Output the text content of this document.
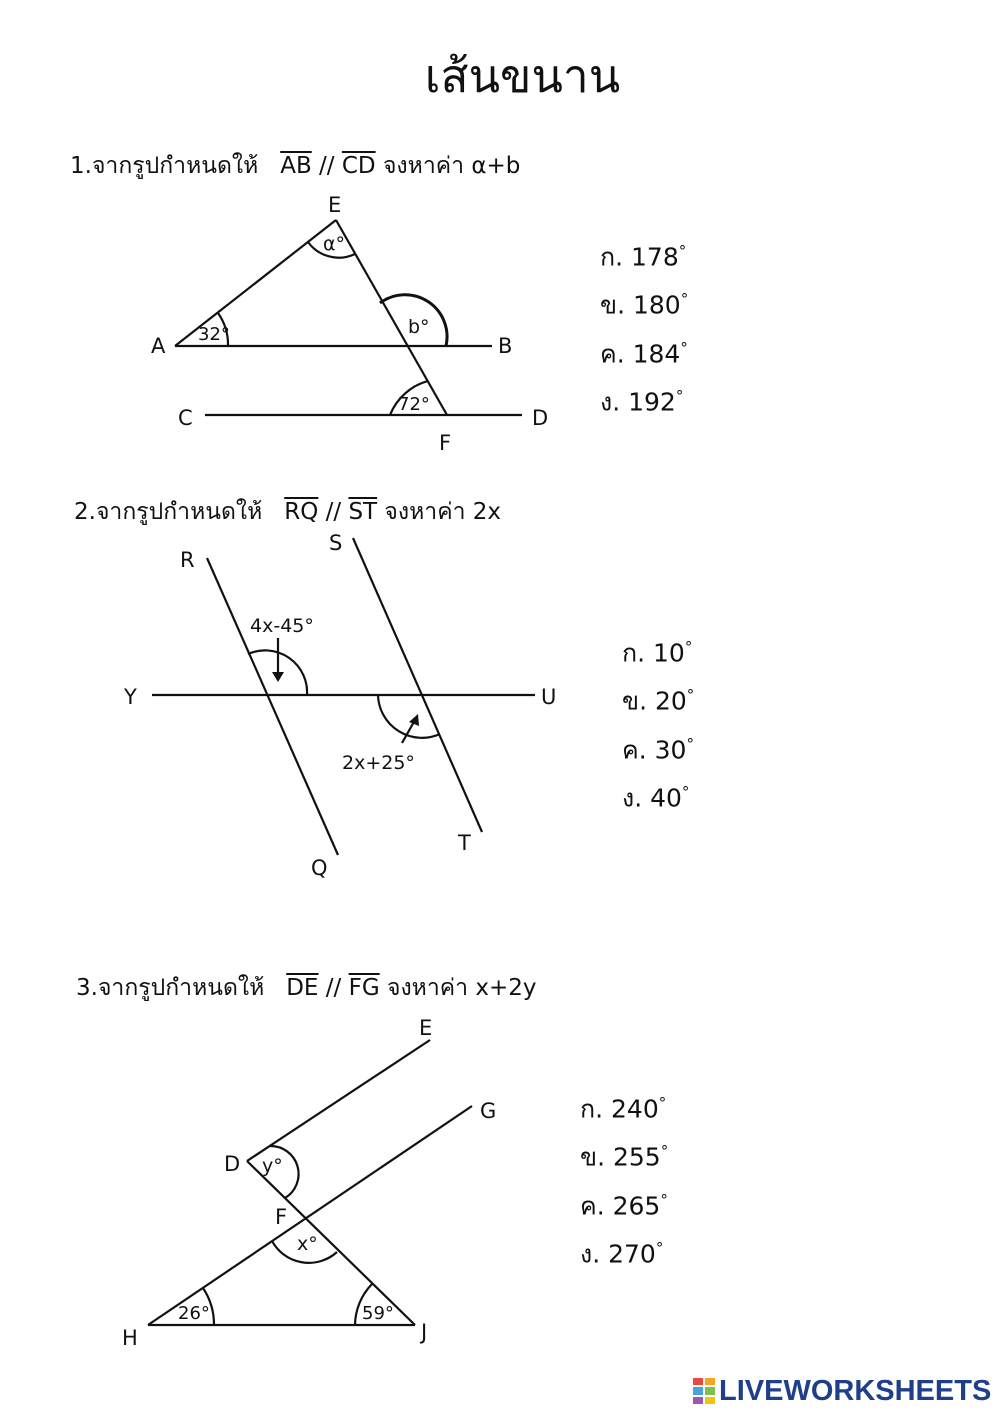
เส้นขนาน
1.จากรูปกำหนดให้ $\overline{AB} // \overline{CD}$ จงหาค่า α+b
2.จากรูปกำหนดให้ $\overline{RQ} // \overline{ST}$ จงหาค่า 2x
3.จากรูปกำหนดให้ $\overline{DE} // \overline{FG}$ จงหาค่า x+2y
ก. 178°
ข. 180°
ค. 184°
ง. 192°
ก. 10°
ข. 20°
ค. 30°
ง. 40°
ก. 240°
ข. 255°
ค. 265°
ง. 270°
E
A	B
C	D
F
α°
b°
32°
72°
R
S
Y	U
Q
T
4x-45°
2x+25°
E
G
D
F
H	J
y°
x°
26°	59°
LIVEWORKSHEETS
